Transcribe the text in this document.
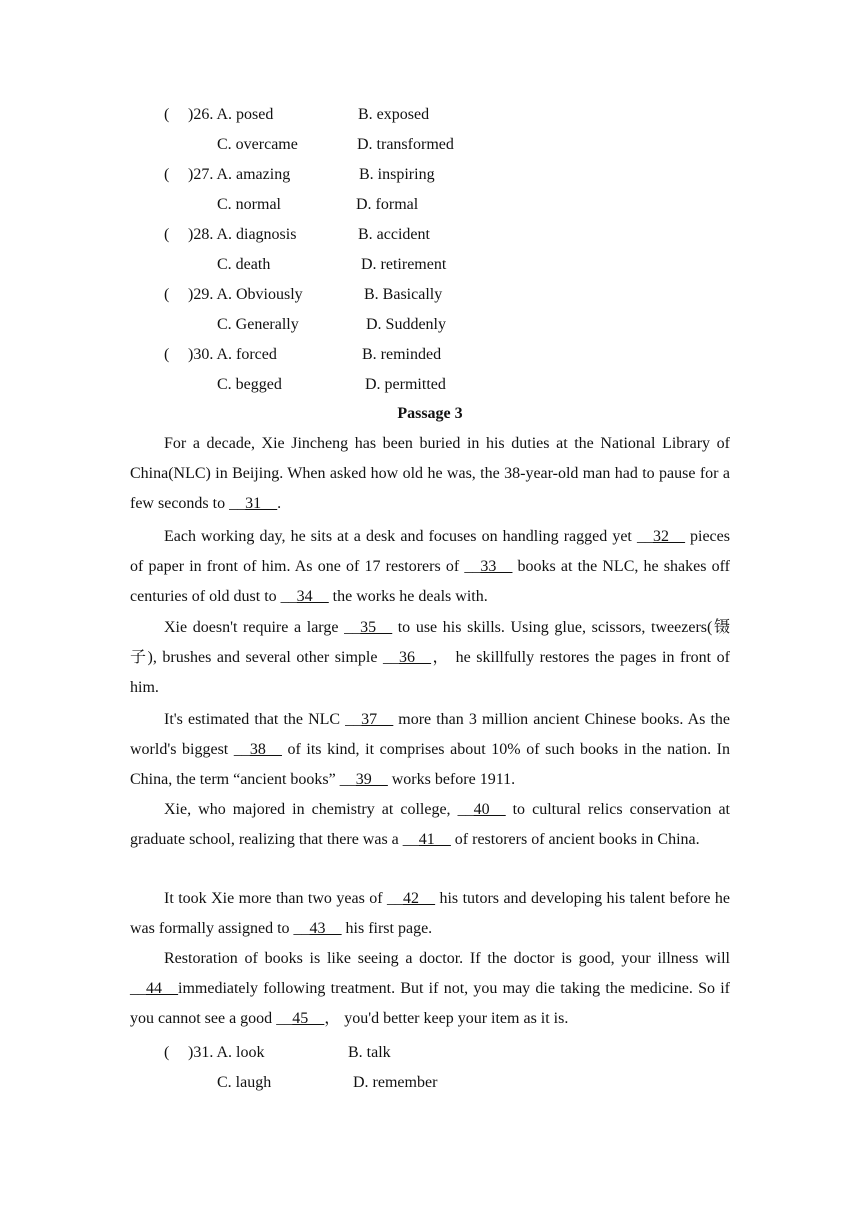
( )26. A. posed	B. exposed
C. overcame	D. transformed
( )27. A. amazing	B. inspiring
C. normal	D. formal
( )28. A. diagnosis	B. accident
C. death	D. retirement
( )29. A. Obviously	B. Basically
C. Generally	D. Suddenly
( )30. A. forced	B. reminded
C. begged	D. permitted
Passage 3

For a decade, Xie Jincheng has been buried in his duties at the National Library of China(NLC) in Beijing. When asked how old he was, the 38-year-old man had to pause for a few seconds to __31__.

Each working day, he sits at a desk and focuses on handling ragged yet __32__ pieces of paper in front of him. As one of 17 restorers of __33__ books at the NLC, he shakes off centuries of old dust to __34__ the works he deals with.

Xie doesn't require a large __35__ to use his skills. Using glue, scissors, tweezers(镊子), brushes and several other simple __36__， he skillfully restores the pages in front of him.

It's estimated that the NLC __37__ more than 3 million ancient Chinese books. As the world's biggest __38__ of its kind, it comprises about 10% of such books in the nation. In China, the term “ancient books” __39__ works before 1911.

Xie, who majored in chemistry at college, __40__ to cultural relics conservation at graduate school, realizing that there was a __41__ of restorers of ancient books in China.

It took Xie more than two yeas of __42__ his tutors and developing his talent before he was formally assigned to __43__ his first page.

Restoration of books is like seeing a doctor. If the doctor is good, your illness will __44__immediately following treatment. But if not, you may die taking the medicine. So if you cannot see a good __45__， you'd better keep your item as it is.

( )31. A. look	B. talk
C. laugh	D. remember
